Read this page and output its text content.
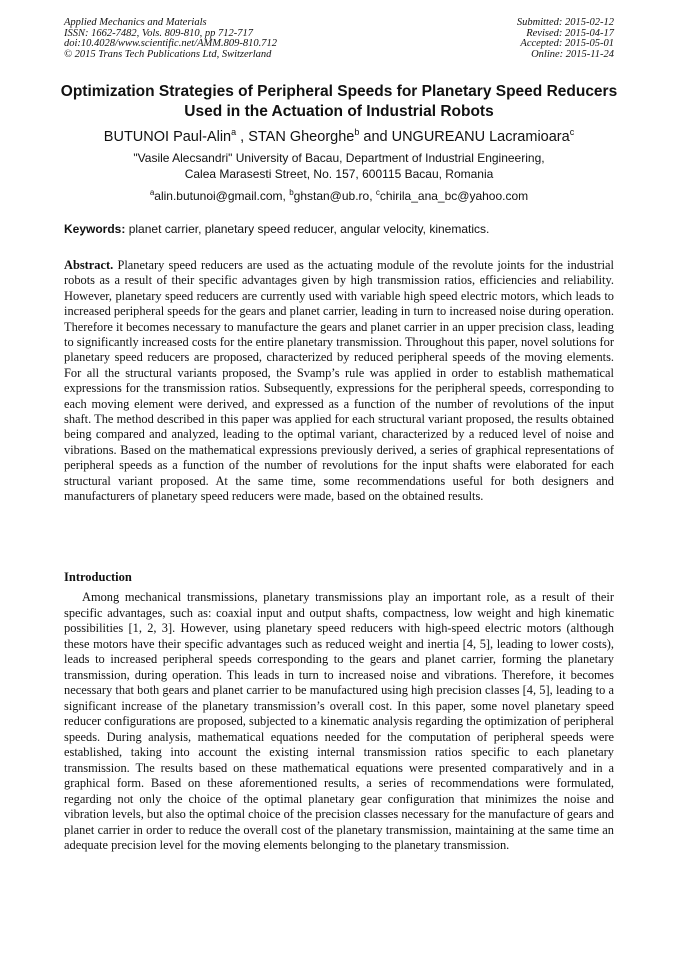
Applied Mechanics and Materials
ISSN: 1662-7482, Vols. 809-810, pp 712-717
doi:10.4028/www.scientific.net/AMM.809-810.712
© 2015 Trans Tech Publications Ltd, Switzerland
Submitted: 2015-02-12
Revised: 2015-04-17
Accepted: 2015-05-01
Online: 2015-11-24
Optimization Strategies of Peripheral Speeds for Planetary Speed Reducers Used in the Actuation of Industrial Robots
BUTUNOI Paul-Alin$^a$ , STAN Gheorghe$^b$ and UNGUREANU Lacramioara$^c$
"Vasile Alecsandri" University of Bacau, Department of Industrial Engineering,
Calea Marasesti Street, No. 157, 600115 Bacau, Romania
$^a$alin.butunoi@gmail.com, $^b$ghstan@ub.ro, $^c$chirila_ana_bc@yahoo.com
Keywords: planet carrier, planetary speed reducer, angular velocity, kinematics.
Abstract. Planetary speed reducers are used as the actuating module of the revolute joints for the industrial robots as a result of their specific advantages given by high transmission ratios, efficiencies and reliability. However, planetary speed reducers are currently used with variable high speed electric motors, which leads to increased peripheral speeds for the gears and planet carrier, leading in turn to increased noise during operation. Therefore it becomes necessary to manufacture the gears and planet carrier in an upper precision class, leading to significantly increased costs for the entire planetary transmission. Throughout this paper, novel solutions for planetary speed reducers are proposed, characterized by reduced peripheral speeds of the moving elements. For all the structural variants proposed, the Svamp’s rule was applied in order to establish mathematical expressions for the transmission ratios. Subsequently, expressions for the peripheral speeds, corresponding to each moving element were derived, and expressed as a function of the number of revolutions of the input shaft. The method described in this paper was applied for each structural variant proposed, the results obtained being compared and analyzed, leading to the optimal variant, characterized by a reduced level of noise and vibrations. Based on the mathematical expressions previously derived, a series of graphical representations of peripheral speeds as a function of the number of revolutions for the input shafts were elaborated for each structural variant proposed. At the same time, some recommendations useful for both designers and manufacturers of planetary speed reducers were made, based on the obtained results.
Introduction
Among mechanical transmissions, planetary transmissions play an important role, as a result of their specific advantages, such as: coaxial input and output shafts, compactness, low weight and high kinematic possibilities [1, 2, 3]. However, using planetary speed reducers with high-speed electric motors (although these motors have their specific advantages such as reduced weight and inertia [4, 5], leading to lower costs), leads to increased peripheral speeds corresponding to the gears and planet carrier, forming the planetary transmission, during operation. This leads in turn to increased noise and vibrations. Therefore, it becomes necessary that both gears and planet carrier to be manufactured using high precision classes [4, 5], leading to a significant increase of the planetary transmission’s overall cost. In this paper, some novel planetary speed reducer configurations are proposed, subjected to a kinematic analysis regarding the optimization of peripheral speeds. During analysis, mathematical equations needed for the computation of peripheral speeds were established, taking into account the existing internal transmission ratios specific to each planetary transmission. The results based on these mathematical equations were presented comparatively and in a graphical form. Based on these aforementioned results, a series of recommendations were formulated, regarding not only the choice of the optimal planetary gear configuration that minimizes the noise and vibration levels, but also the optimal choice of the precision classes necessary for the manufacture of gears and planet carrier in order to reduce the overall cost of the planetary transmission, maintaining at the same time an adequate precision level for the moving elements belonging to the planetary transmission.
